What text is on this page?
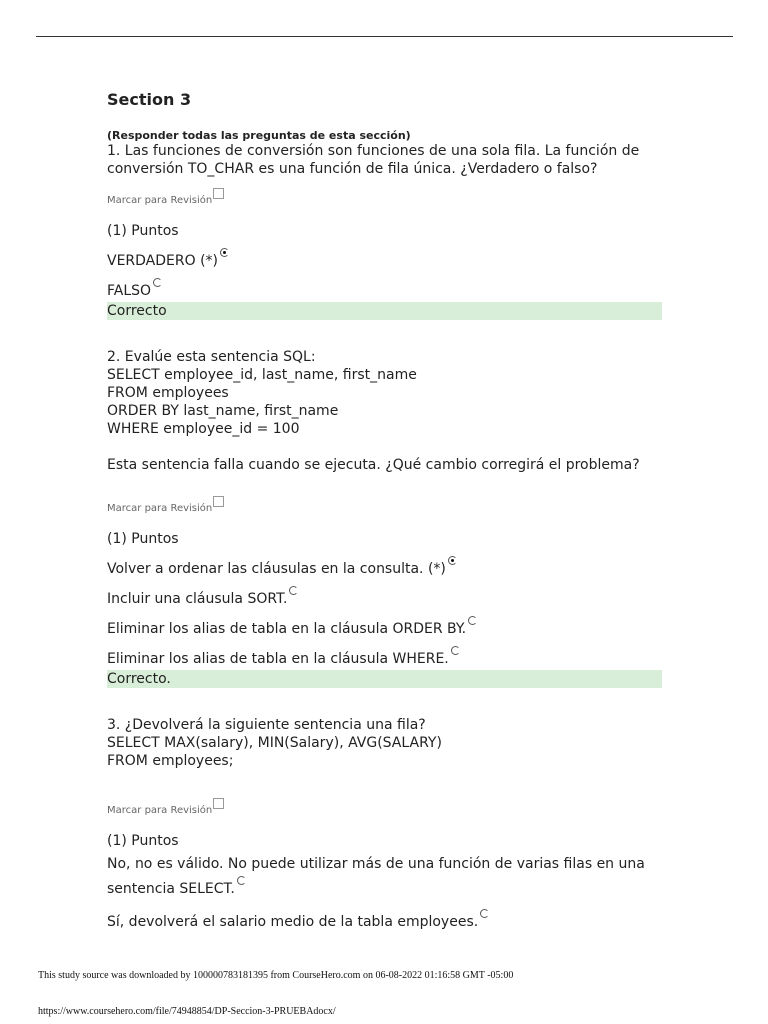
Section 3
(Responder todas las preguntas de esta sección)
1. Las funciones de conversión son funciones de una sola fila. La función de conversión TO_CHAR es una función de fila única. ¿Verdadero o falso?
Marcar para Revisión
(1) Puntos
VERDADERO (*)
FALSO
Correcto
2. Evalúe esta sentencia SQL:
SELECT employee_id, last_name, first_name
FROM employees
ORDER BY last_name, first_name
WHERE employee_id = 100
Esta sentencia falla cuando se ejecuta. ¿Qué cambio corregirá el problema?
Marcar para Revisión
(1) Puntos
Volver a ordenar las cláusulas en la consulta. (*)
Incluir una cláusula SORT.
Eliminar los alias de tabla en la cláusula ORDER BY.
Eliminar los alias de tabla en la cláusula WHERE.
Correcto.
3. ¿Devolverá la siguiente sentencia una fila?
SELECT MAX(salary), MIN(Salary), AVG(SALARY)
FROM employees;
Marcar para Revisión
(1) Puntos
No, no es válido. No puede utilizar más de una función de varias filas en una sentencia SELECT.
Sí, devolverá el salario medio de la tabla employees.
This study source was downloaded by 100000783181395 from CourseHero.com on 06-08-2022 01:16:58 GMT -05:00
https://www.coursehero.com/file/74948854/DP-Seccion-3-PRUEBAdocx/
